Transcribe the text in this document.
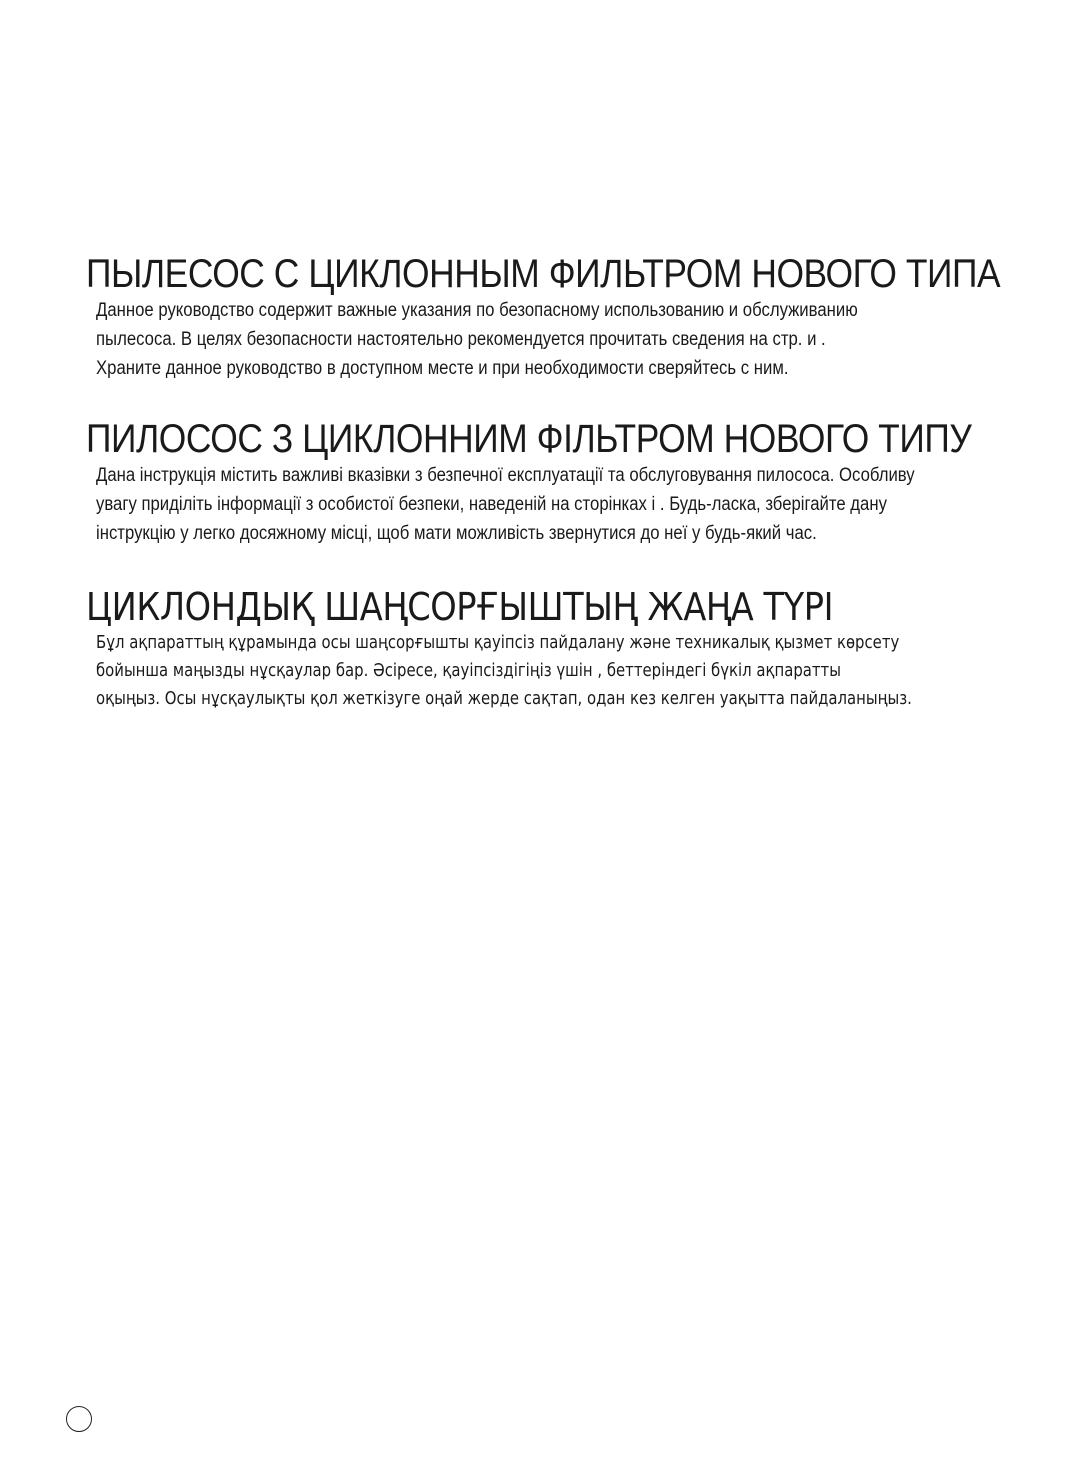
ПЫЛЕСОС С ЦИКЛОННЫМ ФИЛЬТРОМ НОВОГО ТИПА
Данное руководство содержит важные указания по безопасному использованию и обслуживанию
пылесоса. В целях безопасности настоятельно рекомендуется прочитать сведения на стр. и .
Храните данное руководство в доступном месте и при необходимости сверяйтесь с ним.
ПИЛОСОС З ЦИКЛОННИМ ФІЛЬТРОМ НОВОГО ТИПУ
Дана інструкція містить важливі вказівки з безпечної експлуатації та обслуговування пилососа. Особливу
увагу приділіть інформації з особистої безпеки, наведеній на сторінках і . Будь-ласка, зберігайте дану
інструкцію у легко досяжному місці, щоб мати можливість звернутися до неї у будь-який час.
ЦИКЛОНДЫҚ ШАҢСОРҒЫШТЫҢ ЖАҢА ТҮРІ
Бұл ақпараттың құрамында осы шаңсорғышты қауіпсіз пайдалану және техникалық қызмет көрсету
бойынша маңызды нұсқаулар бар. Әсіресе, қауіпсіздігіңіз үшін , беттеріндегі бүкіл ақпаратты
оқыңыз. Осы нұсқаулықты қол жеткізуге оңай жерде сақтап, одан кез келген уақытта пайдаланыңыз.
